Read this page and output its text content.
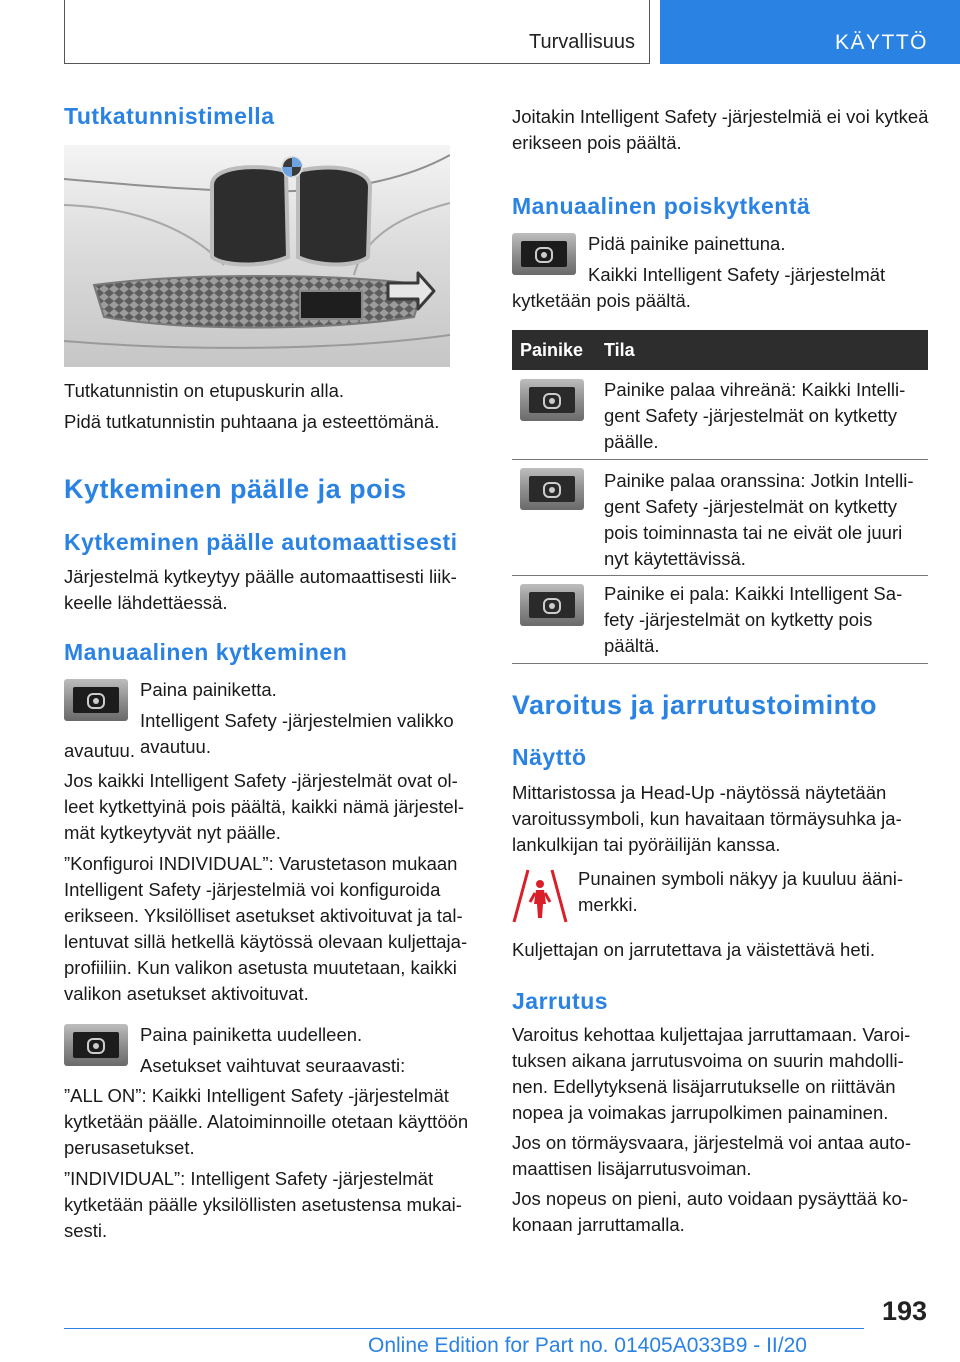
Turvallisuus	KÄYTTÖ
Tutkatunnistimella

Tutkatunnistin on etupuskurin alla.

Pidä tutkatunnistin puhtaana ja esteettömänä.

Kytkeminen päälle ja pois
Kytkeminen päälle automaattisesti

Järjestelmä kytkeytyy päälle automaattisesti liikkeelle lähdettäessä.

Manuaalinen kytkeminen

Paina painiketta.

Intelligent Safety -järjestelmien valikko avautuu.

avautuu.

Jos kaikki Intelligent Safety -järjestelmät ovat olleet kytkettyinä pois päältä, kaikki nämä järjestelmät kytkeytyvät nyt päälle.

”Konfiguroi INDIVIDUAL”: Varustetason mukaan Intelligent Safety -järjestelmiä voi konfiguroida erikseen. Yksilölliset asetukset aktivoituvat ja tallentuvat sillä hetkellä käytössä olevaan kuljettajaprofiiliin. Kun valikon asetusta muutetaan, kaikki valikon asetukset aktivoituvat.

Paina painiketta uudelleen.

Asetukset vaihtuvat seuraavasti:

”ALL ON”: Kaikki Intelligent Safety -järjestelmät kytketään päälle. Alatoiminnoille otetaan käyttöön perusasetukset.

”INDIVIDUAL”: Intelligent Safety -järjestelmät kytketään päälle yksilöllisten asetustensa mukaisesti.

Joitakin Intelligent Safety -järjestelmiä ei voi kytkeä erikseen pois päältä.

Manuaalinen poiskytkentä

Pidä painike painettuna.

Kaikki Intelligent Safety -järjestelmät kytketään pois päältä.

Painike Tila

Painike palaa vihreänä: Kaikki Intelligent Safety -järjestelmät on kytketty päälle.

Painike palaa oranssina: Jotkin Intelligent Safety -järjestelmät on kytketty pois toiminnasta tai ne eivät ole juuri nyt käytettävissä.

Painike ei pala: Kaikki Intelligent Safety -järjestelmät on kytketty pois päältä.

Varoitus ja jarrutustoiminto
Näyttö

Mittaristossa ja Head-Up -näytössä näytetään varoitussymboli, kun havaitaan törmäysuhka jalankulkijan tai pyöräilijän kanssa.

Punainen symboli näkyy ja kuuluu äänimerkki.

Kuljettajan on jarrutettava ja väistettävä heti.

Jarrutus

Varoitus kehottaa kuljettajaa jarruttamaan. Varoituksen aikana jarrutusvoima on suurin mahdollinen. Edellytyksenä lisäjarrutukselle on riittävän nopea ja voimakas jarrupolkimen painaminen.

Jos on törmäysvaara, järjestelmä voi antaa automaattisen lisäjarrutusvoiman.

Jos nopeus on pieni, auto voidaan pysäyttää kokonaan jarruttamalla.

193
Online Edition for Part no. 01405A033B9 - II/20
